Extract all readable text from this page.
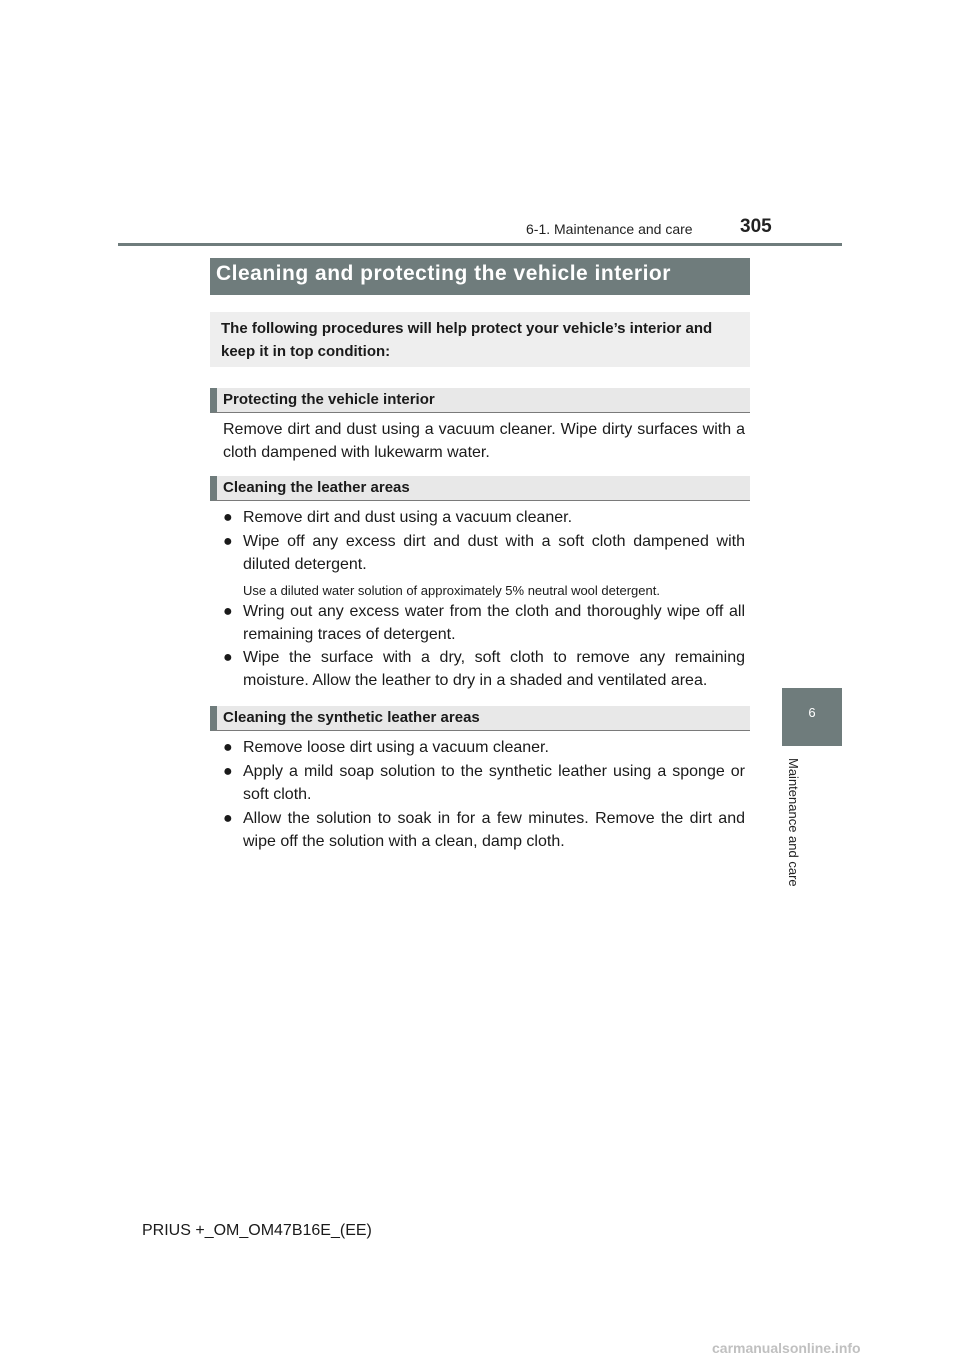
6-1. Maintenance and care 305
6
Maintenance and care
Cleaning and protecting the vehicle interior
The following procedures will help protect your vehicle’s interior and keep it in top condition:
Protecting the vehicle interior
Remove dirt and dust using a vacuum cleaner. Wipe dirty surfaces with a cloth dampened with lukewarm water.
Cleaning the leather areas
● Remove dirt and dust using a vacuum cleaner.
● Wipe off any excess dirt and dust with a soft cloth dampened with diluted detergent.
Use a diluted water solution of approximately 5% neutral wool detergent.
● Wring out any excess water from the cloth and thoroughly wipe off all remaining traces of detergent.
● Wipe the surface with a dry, soft cloth to remove any remaining moisture. Allow the leather to dry in a shaded and ventilated area.
Cleaning the synthetic leather areas
● Remove loose dirt using a vacuum cleaner.
● Apply a mild soap solution to the synthetic leather using a sponge or soft cloth.
● Allow the solution to soak in for a few minutes. Remove the dirt and wipe off the solution with a clean, damp cloth.
PRIUS +_OM_OM47B16E_(EE)
carmanualsonline.info
